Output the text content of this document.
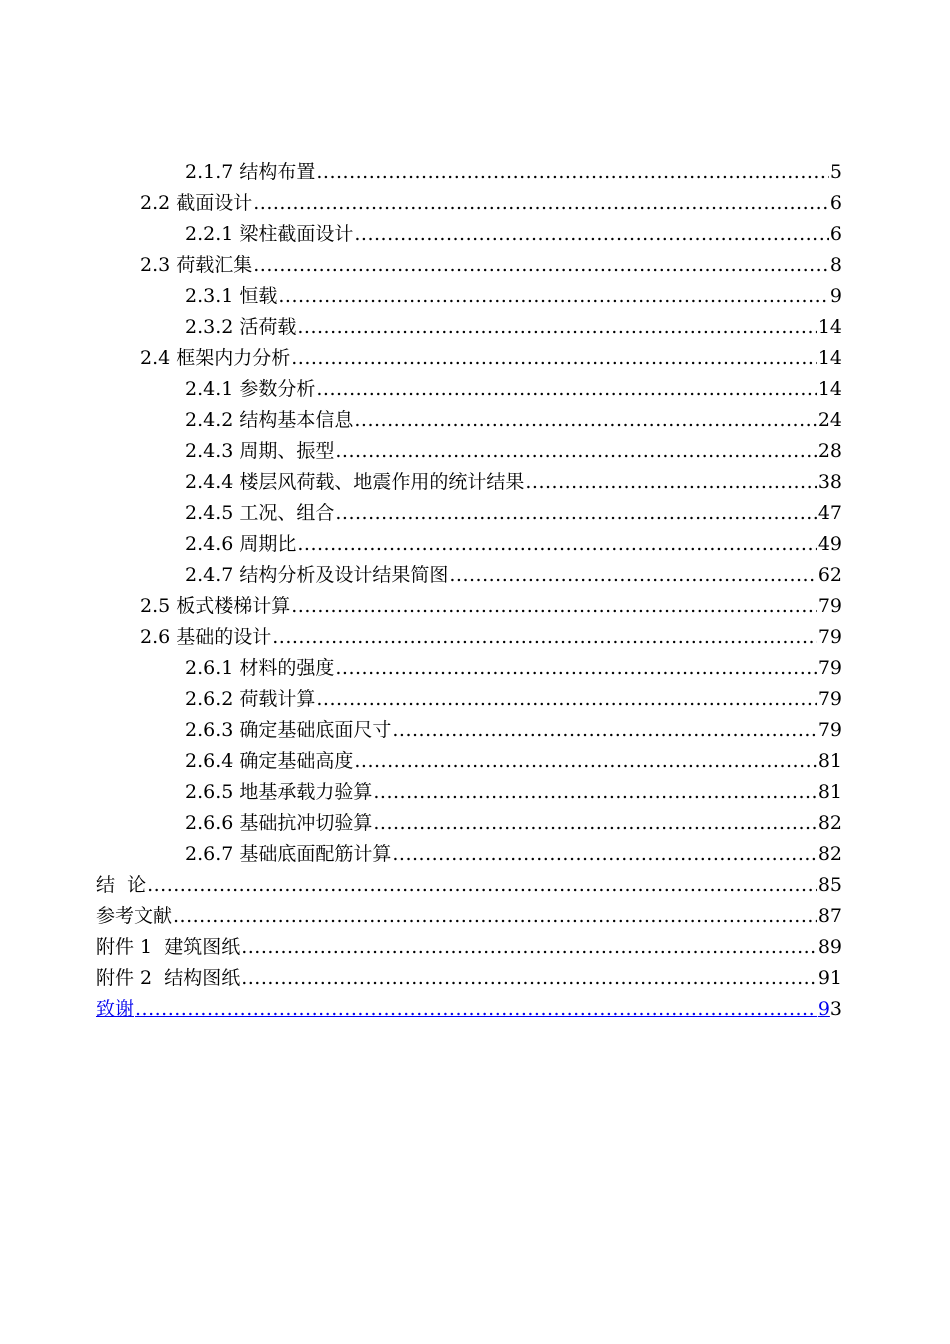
2.1.7 结构布置 .....	5
2.2 截面设计 .....	6
2.2.1 梁柱截面设计 .....	6
2.3 荷载汇集 .....	8
2.3.1 恒载 .....	9
2.3.2 活荷载 .....	14
2.4 框架内力分析 .....	14
2.4.1 参数分析 .....	14
2.4.2 结构基本信息 .....	24
2.4.3 周期、振型 .....	28
2.4.4 楼层风荷载、地震作用的统计结果 .....	38
2.4.5 工况、组合 .....	47
2.4.6 周期比 .....	49
2.4.7 结构分析及设计结果简图 .....	62
2.5 板式楼梯计算 .....	79
2.6 基础的设计 .....	79
2.6.1 材料的强度 .....	79
2.6.2 荷载计算 .....	79
2.6.3 确定基础底面尺寸 .....	79
2.6.4 确定基础高度 .....	81
2.6.5 地基承载力验算 .....	81
2.6.6 基础抗冲切验算 .....	82
2.6.7 基础底面配筋计算 .....	82
结  论 .....	85
参考文献 .....	87
附件 1  建筑图纸 .....	89
附件 2  结构图纸 .....	91
致谢 .....	93
